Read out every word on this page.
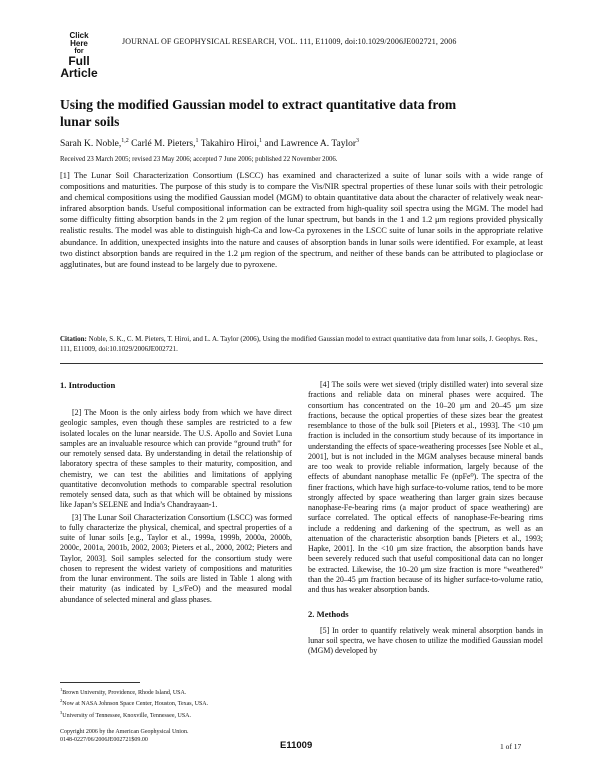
Click
Here
for
Full
Article
JOURNAL OF GEOPHYSICAL RESEARCH, VOL. 111, E11009, doi:10.1029/2006JE002721, 2006
Using the modified Gaussian model to extract quantitative data from lunar soils
Sarah K. Noble,$^{1,2}$ Carlé M. Pieters,$^1$ Takahiro Hiroi,$^1$ and Lawrence A. Taylor$^3$
Received 23 March 2005; revised 23 May 2006; accepted 7 June 2006; published 22 November 2006.
[1] The Lunar Soil Characterization Consortium (LSCC) has examined and characterized a suite of lunar soils with a wide range of compositions and maturities. The purpose of this study is to compare the Vis/NIR spectral properties of these lunar soils with their petrologic and chemical compositions using the modified Gaussian model (MGM) to obtain quantitative data about the character of relatively weak near-infrared absorption bands. Useful compositional information can be extracted from high-quality soil spectra using the MGM. The model had some difficulty fitting absorption bands in the 2 μm region of the lunar spectrum, but bands in the 1 and 1.2 μm regions provided physically realistic results. The model was able to distinguish high-Ca and low-Ca pyroxenes in the LSCC suite of lunar soils in the appropriate relative abundance. In addition, unexpected insights into the nature and causes of absorption bands in lunar soils were identified. For example, at least two distinct absorption bands are required in the 1.2 μm region of the spectrum, and neither of these bands can be attributed to plagioclase or agglutinates, but are found instead to be largely due to pyroxene.
Citation: Noble, S. K., C. M. Pieters, T. Hiroi, and L. A. Taylor (2006), Using the modified Gaussian model to extract quantitative data from lunar soils, J. Geophys. Res., 111, E11009, doi:10.1029/2006JE002721.
1. Introduction

[2] The Moon is the only airless body from which we have direct geologic samples, even though these samples are restricted to a few isolated locales on the lunar nearside. The U.S. Apollo and Soviet Luna samples are an invaluable resource which can provide “ground truth” for our remotely sensed data. By understanding in detail the relationship of laboratory spectra of these samples to their maturity, composition, and chemistry, we can test the abilities and limitations of applying quantitative deconvolution methods to comparable spectral resolution remotely sensed data, such as that which will be obtained by missions like Japan’s SELENE and India’s Chandrayaan-1.

[3] The Lunar Soil Characterization Consortium (LSCC) was formed to fully characterize the physical, chemical, and spectral properties of a suite of lunar soils [e.g., Taylor et al., 1999a, 1999b, 2000a, 2000b, 2000c, 2001a, 2001b, 2002, 2003; Pieters et al., 2000, 2002; Pieters and Taylor, 2003]. Soil samples selected for the consortium study were chosen to represent the widest variety of compositions and maturities from the lunar environment. The soils are listed in Table 1 along with their maturity (as indicated by I_s/FeO) and the measured modal abundance of selected mineral and glass phases.

[4] The soils were wet sieved (triply distilled water) into several size fractions and reliable data on mineral phases were acquired. The consortium has concentrated on the 10–20 μm and 20–45 μm size fractions, because the optical properties of these sizes bear the greatest resemblance to those of the bulk soil [Pieters et al., 1993]. The <10 μm fraction is included in the consortium study because of its importance in understanding the effects of space-weathering processes [see Noble et al., 2001], but is not included in the MGM analyses because mineral bands are too weak to provide reliable information, largely because of the effects of abundant nanophase metallic Fe (npFe⁰). The spectra of the finer fractions, which have high surface-to-volume ratios, tend to be more strongly affected by space weathering than larger grain sizes because nanophase-Fe-bearing rims (a major product of space weathering) are surface correlated. The optical effects of nanophase-Fe-bearing rims include a reddening and darkening of the spectrum, as well as an attenuation of the characteristic absorption bands [Pieters et al., 1993; Hapke, 2001]. In the <10 μm size fraction, the absorption bands have been severely reduced such that useful compositional data can no longer be extracted. Likewise, the 10–20 μm size fraction is more “weathered” than the 20–45 μm fraction because of its higher surface-to-volume ratio, and thus has weaker absorption bands.

2. Methods

[5] In order to quantify relatively weak mineral absorption bands in lunar soil spectra, we have chosen to utilize the modified Gaussian model (MGM) developed by

$^1$Brown University, Providence, Rhode Island, USA.
$^2$Now at NASA Johnson Space Center, Houston, Texas, USA.
$^3$University of Tennessee, Knoxville, Tennessee, USA.
Copyright 2006 by the American Geophysical Union.
0148-0227/06/2006JE002721$09.00	E11009	1 of 17
